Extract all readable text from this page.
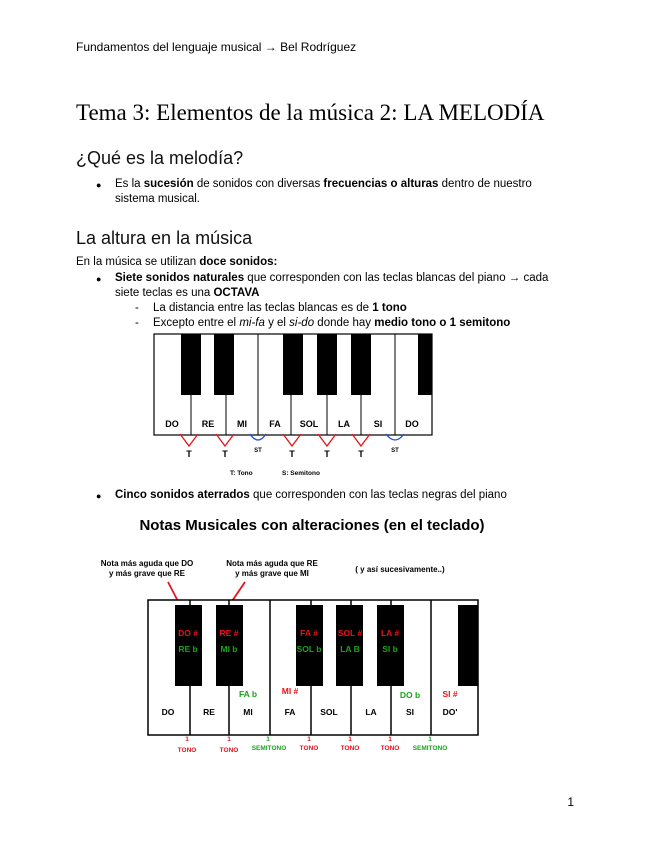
Fundamentos del lenguaje musical → Bel Rodríguez
Tema 3: Elementos de la música 2: LA MELODÍA
¿Qué es la melodía?
● Es la sucesión de sonidos con diversas frecuencias o alturas dentro de nuestro
sistema musical.
La altura en la música
En la música se utilizan doce sonidos:
● Siete sonidos naturales que corresponden con las teclas blancas del piano → cada
siete teclas es una OCTAVA
- La distancia entre las teclas blancas es de 1 tono
- Excepto entre el mi-fa y el si-do donde hay medio tono o 1 semitono
DO	RE	MI FA SOL LA	SI	DO
T	T	ST	T	T	T	ST
T: Tono	S: Semitono
● Cinco sonidos aterrados que corresponden con las teclas negras del piano
Notas Musicales con alteraciones (en el teclado)
Nota más aguda que DO
y más grave que RE
Nota más aguda que RE
y más grave que MI	( y así sucesivamente..)
DO #	RE #	FA # SOL # LA #
RE b	MI b	SOL b LA B	SI b
FA b	MI #	DO b	SI #
DO	RE	MI	FA	SOL	LA	SI	DO'
1	1	1	1	1	1	1
TONO	TONO SEMITONO TONO	TONO	TONO SEMITONO
1
